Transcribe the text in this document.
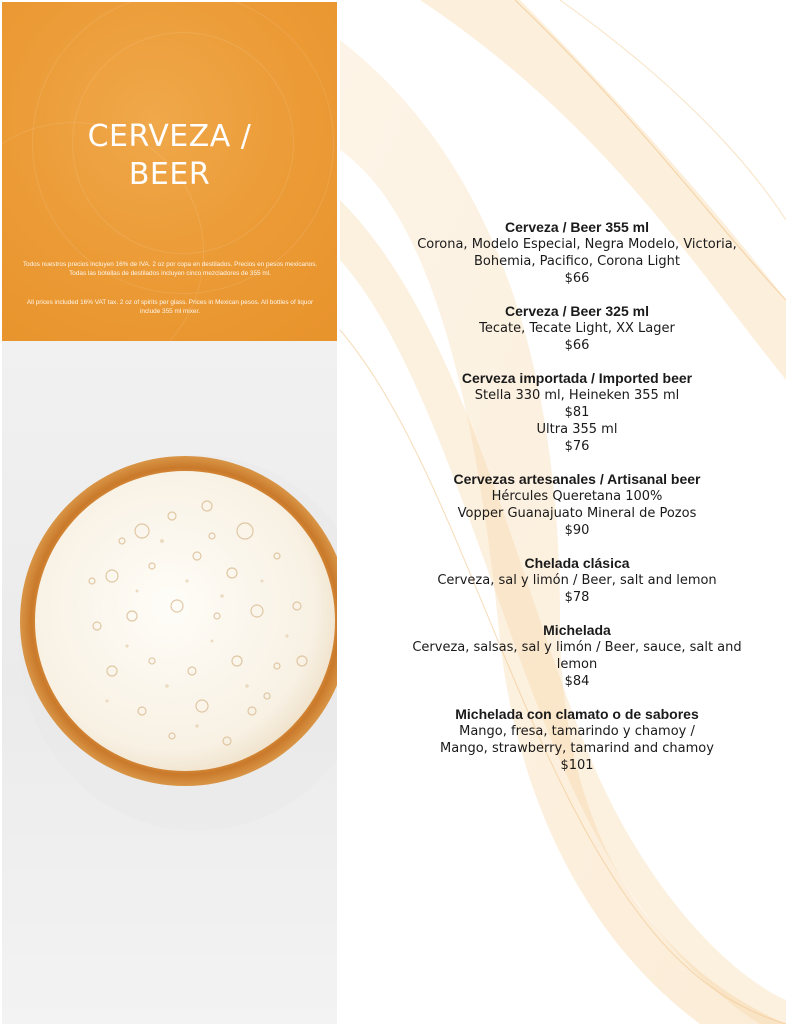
CERVEZA /
BEER
Todos nuestros precios incluyen 16% de IVA. 2 oz por copa en destilados. Precios en pesos mexicanos. Todas las botellas de destilados incluyen cinco mezcladores de 355 ml.
All prices included 16% VAT tax. 2 oz of spirits per glass. Prices in Mexican pesos. All bottles of liquor include 355 ml mixer.
Cerveza / Beer 355 ml
Corona, Modelo Especial, Negra Modelo, Victoria,
Bohemia, Pacifico, Corona Light
$66
Cerveza / Beer 325 ml
Tecate, Tecate Light, XX Lager
$66
Cerveza importada / Imported beer
Stella 330 ml, Heineken 355 ml
$81
Ultra 355 ml
$76
Cervezas artesanales / Artisanal beer
Hércules Queretana 100%
Vopper Guanajuato Mineral de Pozos
$90
Chelada clásica
Cerveza, sal y limón / Beer, salt and lemon
$78
Michelada
Cerveza, salsas, sal y limón / Beer, sauce, salt and
lemon
$84
Michelada con clamato o de sabores
Mango, fresa, tamarindo y chamoy /
Mango, strawberry, tamarind and chamoy
$101
